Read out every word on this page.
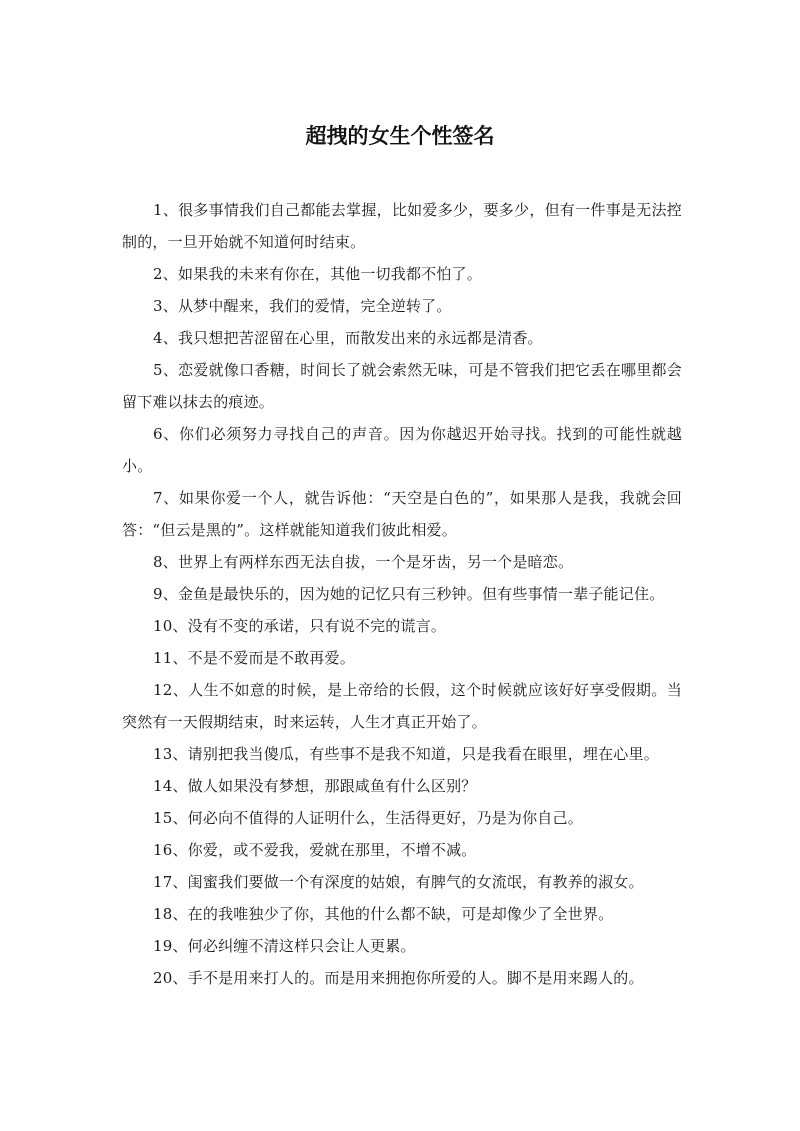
超拽的女生个性签名
1、很多事情我们自己都能去掌握，比如爱多少，要多少，但有一件事是无法控制的，一旦开始就不知道何时结束。
2、如果我的未来有你在，其他一切我都不怕了。
3、从梦中醒来，我们的爱情，完全逆转了。
4、我只想把苦涩留在心里，而散发出来的永远都是清香。
5、恋爱就像口香糖，时间长了就会索然无味，可是不管我们把它丢在哪里都会留下难以抹去的痕迹。
6、你们必须努力寻找自己的声音。因为你越迟开始寻找。找到的可能性就越小。
7、如果你爱一个人，就告诉他：“天空是白色的”，如果那人是我，我就会回答：“但云是黑的”。这样就能知道我们彼此相爱。
8、世界上有两样东西无法自拔，一个是牙齿，另一个是暗恋。
9、金鱼是最快乐的，因为她的记忆只有三秒钟。但有些事情一辈子能记住。
10、没有不变的承诺，只有说不完的谎言。
11、不是不爱而是不敢再爱。
12、人生不如意的时候，是上帝给的长假，这个时候就应该好好享受假期。当突然有一天假期结束，时来运转，人生才真正开始了。
13、请别把我当傻瓜，有些事不是我不知道，只是我看在眼里，埋在心里。
14、做人如果没有梦想，那跟咸鱼有什么区别？
15、何必向不值得的人证明什么，生活得更好，乃是为你自己。
16、你爱，或不爱我，爱就在那里，不增不减。
17、闺蜜我们要做一个有深度的姑娘，有脾气的女流氓，有教养的淑女。
18、在的我唯独少了你，其他的什么都不缺，可是却像少了全世界。
19、何必纠缠不清这样只会让人更累。
20、手不是用来打人的。而是用来拥抱你所爱的人。脚不是用来踢人的。
